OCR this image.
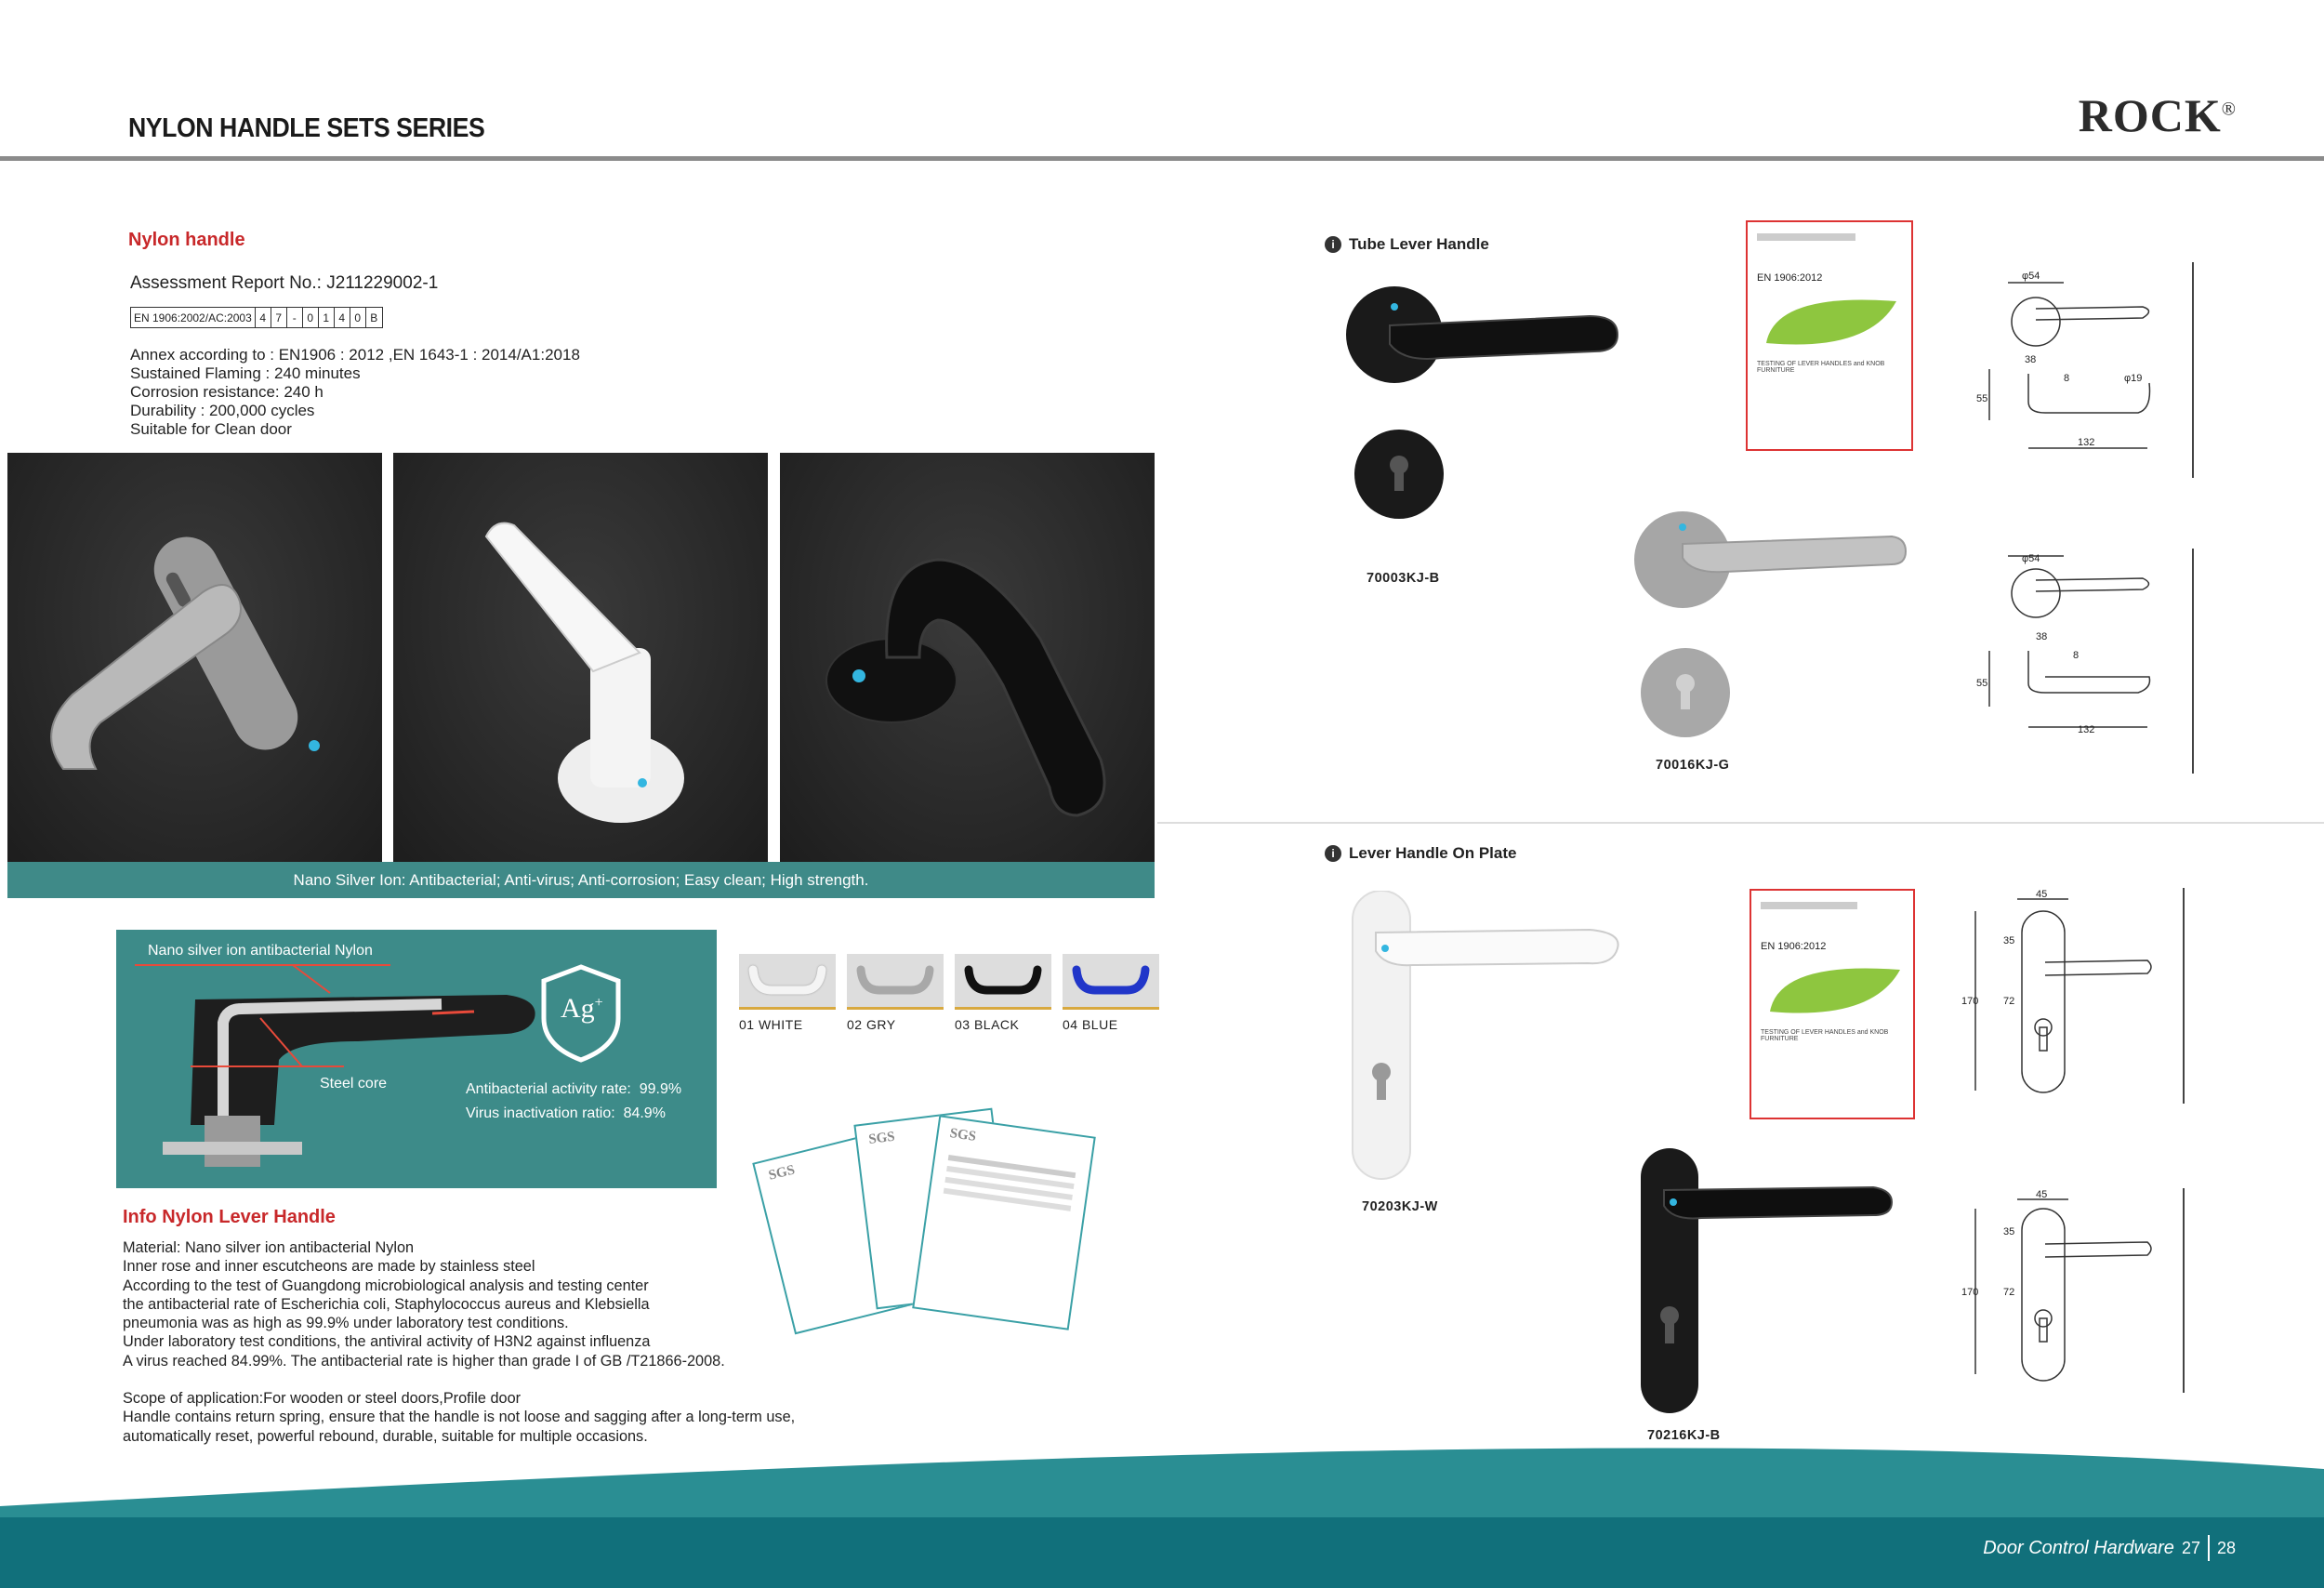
NYLON HANDLE SETS SERIES	ROCK®
Nylon handle
Assessment Report No.: J211229002-1
EN 1906:2002/AC:2003 4 7 - 0 1 4 0 B
Annex according to : EN1906 : 2012 ,EN 1643-1 : 2014/A1:2018
Sustained Flaming : 240 minutes
Corrosion resistance: 240 h
Durability : 200,000 cycles
Suitable for Clean door
Nano Silver Ion: Antibacterial; Anti-virus; Anti-corrosion; Easy clean; High strength.
Nano silver ion antibacterial Nylon
Steel core
Ag+
Antibacterial activity rate: 99.9%
Virus inactivation ratio: 84.9%
01 WHITE	02 GRY	03 BLACK	04 BLUE
SGS
SGS	SGS
Info Nylon Lever Handle
Material: Nano silver ion antibacterial Nylon
Inner rose and inner escutcheons are made by stainless steel
According to the test of Guangdong microbiological analysis and testing center
the antibacterial rate of Escherichia coli, Staphylococcus aureus and Klebsiella
pneumonia was as high as 99.9% under laboratory test conditions.
Under laboratory test conditions, the antiviral activity of H3N2 against influenza
A virus reached 84.99%. The antibacterial rate is higher than grade I of GB /T21866-2008.
Scope of application:For wooden or steel doors,Profile door
Handle contains return spring, ensure that the handle is not loose and sagging after a long-term use,
automatically reset, powerful rebound, durable, suitable for multiple occasions.
i Tube Lever Handle
70003KJ-B
EN 1906:2012
TESTING OF LEVER HANDLES and KNOB FURNITURE
EN 1906:2012
TESTING OF LEVER HANDLES and KNOB FURNITURE
70016KJ-G
φ54
38
8	φ19
55
132
φ54
38
8
55
132
i Lever Handle On Plate
70203KJ-W
70216KJ-B
45
35
72
170
45
35
72
170
Door Control Hardware 27 28
